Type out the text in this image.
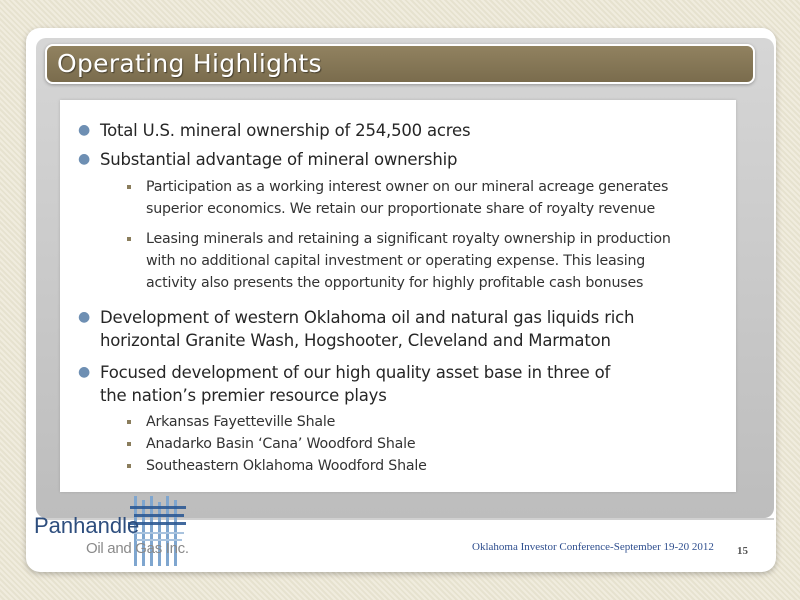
Operating Highlights
● Total U.S. mineral ownership of 254,500 acres
● Substantial advantage of mineral ownership
Participation as a working interest owner on our mineral acreage generates
superior economics. We retain our proportionate share of royalty revenue
Leasing minerals and retaining a significant royalty ownership in production
with no additional capital investment or operating expense. This leasing
activity also presents the opportunity for highly profitable cash bonuses
● Development of western Oklahoma oil and natural gas liquids rich
horizontal Granite Wash, Hogshooter, Cleveland and Marmaton
● Focused development of our high quality asset base in three of
the nation’s premier resource plays
Arkansas Fayetteville Shale
Anadarko Basin ‘Cana’ Woodford Shale
Southeastern Oklahoma Woodford Shale
Panhandle
Oil and Gas Inc.	Oklahoma Investor Conference-September 19-20 2012 15
